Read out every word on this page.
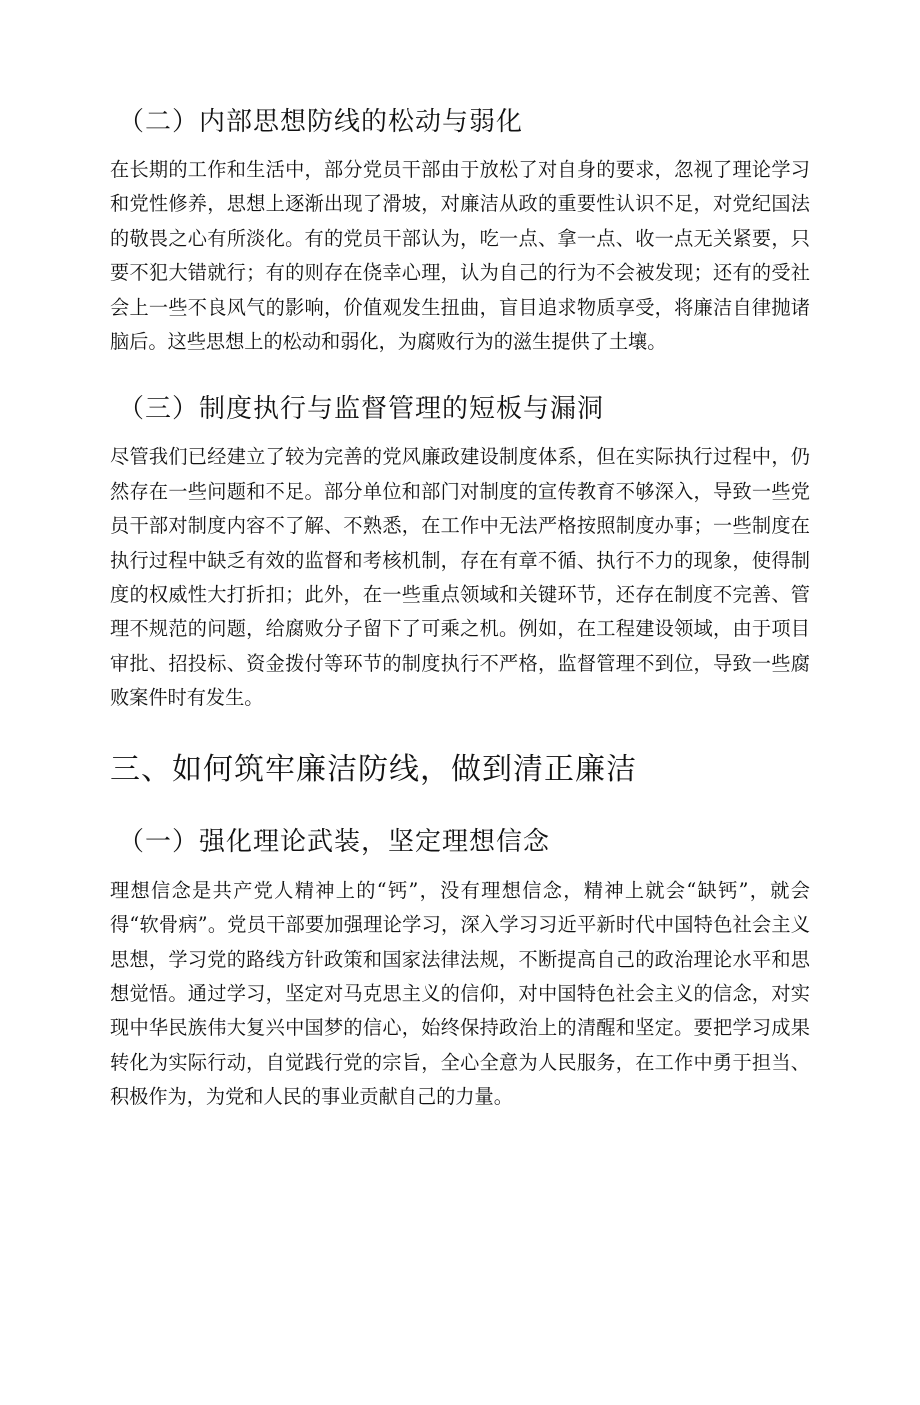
（二）内部思想防线的松动与弱化

在长期的工作和生活中，部分党员干部由于放松了对自身的要求，忽视了理论学习和党性修养，思想上逐渐出现了滑坡，对廉洁从政的重要性认识不足，对党纪国法的敬畏之心有所淡化。有的党员干部认为，吃一点、拿一点、收一点无关紧要，只要不犯大错就行；有的则存在侥幸心理，认为自己的行为不会被发现；还有的受社会上一些不良风气的影响，价值观发生扭曲，盲目追求物质享受，将廉洁自律抛诸脑后。这些思想上的松动和弱化，为腐败行为的滋生提供了土壤。

（三）制度执行与监督管理的短板与漏洞

尽管我们已经建立了较为完善的党风廉政建设制度体系，但在实际执行过程中，仍然存在一些问题和不足。部分单位和部门对制度的宣传教育不够深入，导致一些党员干部对制度内容不了解、不熟悉，在工作中无法严格按照制度办事；一些制度在执行过程中缺乏有效的监督和考核机制，存在有章不循、执行不力的现象，使得制度的权威性大打折扣；此外，在一些重点领域和关键环节，还存在制度不完善、管理不规范的问题，给腐败分子留下了可乘之机。例如，在工程建设领域，由于项目审批、招投标、资金拨付等环节的制度执行不严格，监督管理不到位，导致一些腐败案件时有发生。

三、如何筑牢廉洁防线，做到清正廉洁
（一）强化理论武装，坚定理想信念

理想信念是共产党人精神上的“钙”，没有理想信念，精神上就会“缺钙”，就会得“软骨病”。党员干部要加强理论学习，深入学习习近平新时代中国特色社会主义思想，学习党的路线方针政策和国家法律法规，不断提高自己的政治理论水平和思想觉悟。通过学习，坚定对马克思主义的信仰，对中国特色社会主义的信念，对实现中华民族伟大复兴中国梦的信心，始终保持政治上的清醒和坚定。要把学习成果转化为实际行动，自觉践行党的宗旨，全心全意为人民服务，在工作中勇于担当、积极作为，为党和人民的事业贡献自己的力量。
